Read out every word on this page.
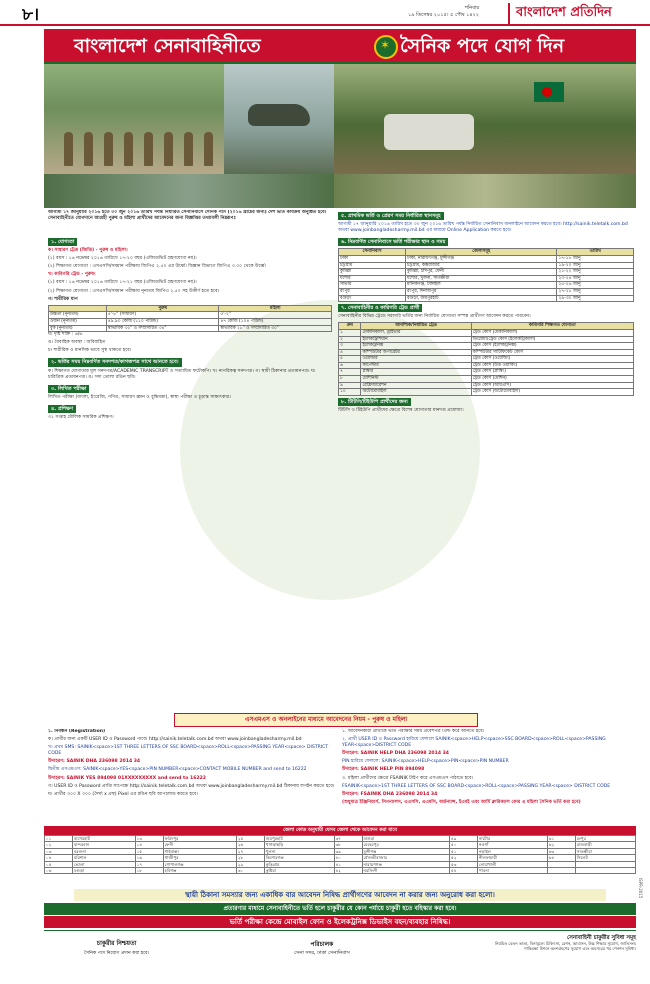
৮।	শনিবার
১৯ ডিসেম্বর ২০১৫। ৫ পৌষ ১৪২২	বাংলাদেশ প্রতিদিন
বাংলাদেশ সেনাবাহিনীতে ✶	সৈনিক পদে যোগ দিন

আগামী ১৭ জানুয়ারি ২০১৬ হতে ৩০ জুন ২০১৬ তারিখ পর্যন্ত নির্ধারিত সেনানিবাসে সৈনিক পদে (২০১৬ খ্রাচের জন্য) দেশ ভর্তি কার্যক্রম অনুষ্ঠিত হবে। সেনাবাহিনীতে যোগদানে আগ্রহী পুরুষ ও মহিলা প্রার্থীদের আবেদনের জন্য বিজ্ঞপ্তির তথ্যাবলী নিম্নরূপঃ

১. যোগ্যতা

ক। সাধারণ ট্রেড (জিডি) - পুরুষ ও মহিলা।

(১) বয়স : ১৬ নভেম্বর ২০১৬ তারিখে ১৭-২০ বছর (এফিডেভিট গ্রহণযোগ্য নয়)।

(২) শিক্ষাগত যোগ্যতা : এসএসসি/সমমান পরীক্ষায় জিপিএ ২.৫০ এর উর্ধ্বে। বিজ্ঞান বিভাগে জিপিএ ৩.০০ থেকে উর্ধ্বে।

খ। কারিগরি ট্রেড - পুরুষ।

(১) বয়স : ১৬ নভেম্বর ২০১৬ তারিখে ১৭-২১ বছর (এফিডেভিট গ্রহণযোগ্য নয়)।

(২) শিক্ষাগত যোগ্যতা : এসএসসি/সমমান পরীক্ষায় নূন্যতম জিপিএ ২.৫০ সহ উত্তীর্ণ হতে হবে।

গ। শারীরিক মাপ

	পুরুষ	মহিলা
উচ্চতা (নূন্যতম)	৫'-৮" (সাধারণ)	৫'-২"
ওজন (নূন্যতম)	৪৯.৯০ কেজি (১১০ পাউন্ড)	৪৭ কেজি (১০৪ পাউন্ড)
বুক (নূন্যতম)	স্বাভাবিক ৩২" ও সম্প্রসারিত ৩৪"	স্বাভাবিক ২৮" ও সম্প্রসারিত ৩০"

ঘ। দৃষ্টি শক্তি : ৬/৬

ঙ। বৈবাহিক অবস্থা : অবিবাহিত

চ। শারীরিক ও মানসিক ভাবে সুস্থ থাকতে হবে।

২. ভর্তির সময় নিম্নবর্ণিত সনদপত্র/কাগজপত্র সাথে আনতে হবে।

ক। শিক্ষাগত যোগ্যতার মূল সনদপত্র/ACADEMIC TRANSCRIPT ও সত্যায়িত ফটোকপি। খ। নাগরিকত্ব সনদপত্র। গ। স্থায়ী ঠিকানার প্রত্যয়নপত্র। ঘ। চারিত্রিক প্রত্যয়নপত্র। ঙ। সদ্য তোলা রঙিন ছবি।

৩. লিখিত পরীক্ষা

লিখিত পরীক্ষা (বাংলা, ইংরেজি, গণিত, সাধারণ জ্ঞান ও বুদ্ধিমত্তা), স্বাস্থ্য পরীক্ষা ও চূড়ান্ত সাক্ষাৎকার।

৪. প্রশিক্ষণ

৩২ সপ্তাহ মৌলিক সামরিক প্রশিক্ষণ।

৫. প্রাথমিক ভর্তি ও প্রেরণ সময় নির্ধারিত স্থানসমূহ

আগামী ১৭ জানুয়ারি ২০১৬ তারিখ হতে ৩০ জুন ২০১৬ তারিখ পর্যন্ত নির্ধারিত সেনানিবাস অনলাইনে আবেদন করতে হবে। http://sainik.teletalk.com.bd অথবা www.joinbangladesharmy.mil.bd এর মাধ্যমে Online Application করতে হবে।

৬. নিম্নবর্ণিত সেনানিবাসে ভর্তি পরীক্ষার স্থান ও সময়
সেনানিবাস	জেলাসমূহ	তারিখ
ঢাকা	ঢাকা, নারায়ণগঞ্জ, মুন্সীগঞ্জ	১৭-১৮ জানু
চট্টগ্রাম	চট্টগ্রাম, কক্সবাজার	১৯-২০ জানু
কুমিল্লা	কুমিল্লা, চাঁদপুর, ফেনী	২১-২২ জানু
যশোর	যশোর, খুলনা, সাতক্ষীরা	২৩-২৪ জানু
সাভার	মানিকগঞ্জ, টাঙ্গাইল	২৫-২৬ জানু
রংপুর	রংপুর, দিনাজপুর	২৭-২৮ জানু
বগুড়া	বগুড়া, জয়পুরহাট	২৯-৩০ জানু
৭. সেনাবাহিনীর ও কারিগরি ট্রেড প্রার্থী

সেনাবাহিনীর বিভিন্ন ট্রেডে সরাসরি ভর্তির জন্য নির্ধারিত যোগ্যতা সম্পন্ন প্রার্থীগণ আবেদন করতে পারবেন।

ক্রম	আবশ্যিক/নির্ধারিত ট্রেড	কারিগরি শিক্ষাগত যোগ্যতা
১	মেকানিক্যাল, ড্রাইভার	ট্রেড কোর্স (মেকানিক্যাল)
২	ইলেকট্রিশিয়ান	ডিপ্লোমা/ট্রেড কোর্স (ইলেকট্রিক্যাল)
৩	ইলেকট্রনিক্স	ট্রেড কোর্স (ইলেকট্রনিক্স)
৪	কম্পিউটার অপারেটর	কম্পিউটার সার্টিফিকেট কোর্স
৫	ওয়েল্ডার	ট্রেড কোর্স (ওয়েল্ডিং)
৬	কার্পেন্টার	ট্রেড কোর্স (উড ওয়ার্কিং)
৭	প্লাম্বার	ট্রেড কোর্স (প্লাম্বিং)
৮	মেশিনিস্ট	ট্রেড কোর্স (মেশিন)
৯	রেফ্রিজারেশন	ট্রেড কোর্স (আরএসি)
১০	অটোমোবাইল	ট্রেড কোর্স (অটোমোবাইল)
৮. টিটিসি/টিইউপি প্রার্থীদের জন্য

টিটিসি ও টিইউপি প্রার্থীদের ক্ষেত্রে বিশেষ যোগ্যতার মানদণ্ড প্রযোজ্য।

এসএমএস ও অনলাইনের মাধ্যমে আবেদনের নিয়ম - পুরুষ ও মহিলা

১. নিবন্ধন (Registration)

ক। প্রার্থীর জন্য একটি USER ID ও Password পাবে। http://sainik.teletalk.com.bd অথবা www.joinbangladesharmy.mil.bd

খ। প্রথম SMS: SAINIK<space>1ST THREE LETTERS OF SSC BOARD<space>ROLL<space>PASSING YEAR<space> DISTRICT CODE

উদাহরণ: SAINIK DHA 236098 2014 34

দ্বিতীয় এসএমএস: SAINIK<space>YES<space>PIN NUMBER<space>CONTACT MOBILE NUMBER and send to 16222

উদাহরণ: SAINIK YES 894098 01XXXXXXXXX and send to 16222

গ। USER ID ও Password প্রাপ্তি সাপেক্ষে http://sainik.teletalk.com.bd অথবা www.joinbangladesharmy.mil.bd ঠিকানায় লগইন করতে হবে।

ঘ। প্রার্থীর ৩০০ X ৩০০ (দৈর্ঘ্য x প্রস্থ) Pixel এর রঙিন ছবি আপলোড করতে হবে।

১. আবেদনকারী প্রার্থীকে ভর্তি পরীক্ষার সময় প্রবেশপত্র প্রিন্ট করে আনতে হবে।

২. প্রার্থী USER ID ও Password হারিয়ে ফেললে SAINIK<space>HELP<space>SSC BOARD<space>ROLL<space>PASSING YEAR<space>DISTRICT CODE

উদাহরণ: SAINIK HELP DHA 236098 2014 34

PIN হারিয়ে ফেললে: SAINIK<space>HELP<space>PIN<space>PIN NUMBER

উদাহরণ: SAINIK HELP PIN 894098

৩. মহিলা প্রার্থীদের ক্ষেত্রে FSAINIK টাইপ করে এসএমএস পাঠাতে হবে।

FSAINIK<space>1ST THREE LETTERS OF SSC BOARD<space>ROLL<space>PASSING YEAR<space> DISTRICT CODE

উদাহরণ: FSAINIK DHA 236098 2014 34

(শুধুমাত্র ইঞ্জিনিয়ার্স, সিগন্যালস, এএসসি, এএমসি, অর্ডন্যান্স, ইএমই এবং আর্মি ক্লারিক্যাল কোর এ মহিলা সৈনিক ভর্তি করা হবে)

জেলা কোড অনুযায়ী যেসব জেলা থেকে আবেদন করা যাবে
০১	বাগেরহাট	১৩	ফরিদপুর	২৫	জয়পুরহাট	৩৭	মাগুরা	৪৯	নাটোর	৬১	রংপুর
০২	বান্দরবান	১৪	ফেনী	২৬	খাগড়াছড়ি	৩৮	মেহেরপুর	৫০	নওগাঁ	৬২	রাজবাড়ী
০৩	বরগুনা	১৫	গাইবান্ধা	২৭	খুলনা	৩৯	মুন্সীগঞ্জ	৫১	নড়াইল	৬৩	সাতক্ষীরা
০৪	বরিশাল	১৬	গাজীপুর	২৮	কিশোরগঞ্জ	৪০	মৌলভীবাজার	৫২	নীলফামারী	৬৪	সিলেট
০৫	ভোলা	১৭	গোপালগঞ্জ	২৯	কুড়িগ্রাম	৪১	নারায়ণগঞ্জ	৫৩	নোয়াখালী		
০৬	বগুড়া	১৮	হবিগঞ্জ	৩০	কুষ্টিয়া	৪২	নরসিংদী	৫৪	পাবনা		
স্থায়ী ঠিকানা সমস্যার জন্য একাধিক বার আবেদন নিষিদ্ধ প্রার্থীগণের আবেদন না করার জন্য অনুরোধ করা হলো।
প্রতারণার মাধ্যমে সেনাবাহিনীতে ভর্তি হলে চাকুরীর যে কোন পর্যায়ে চাকুরী হতে বহিস্কার করা হবে।
ভর্তি পরীক্ষা কেন্দ্রে মোবাইল ফোন ও ইলেকট্রনিক্স ডিভাইস বহন/ব্যবহার নিষিদ্ধ।
চাকুরীর নিশ্চয়তা
সৈনিক পদে নিয়োগ প্রদান করা হবে।
পরিচালক
সেনা সদর, ঢাকা সেনানিবাস
সেনাবাহিনী চাকুরীর সুবিধা সমূহ
নিয়মিত বেতন ভাতা, বিনামূল্যে চিকিৎসা, রেশন, আবাসন, উচ্চ শিক্ষার সুযোগ, জাতিসংঘ শান্তিরক্ষা মিশনে অংশগ্রহণের সুযোগ এবং অবসরের পর পেনশন সুবিধা।
ISPR-2015
